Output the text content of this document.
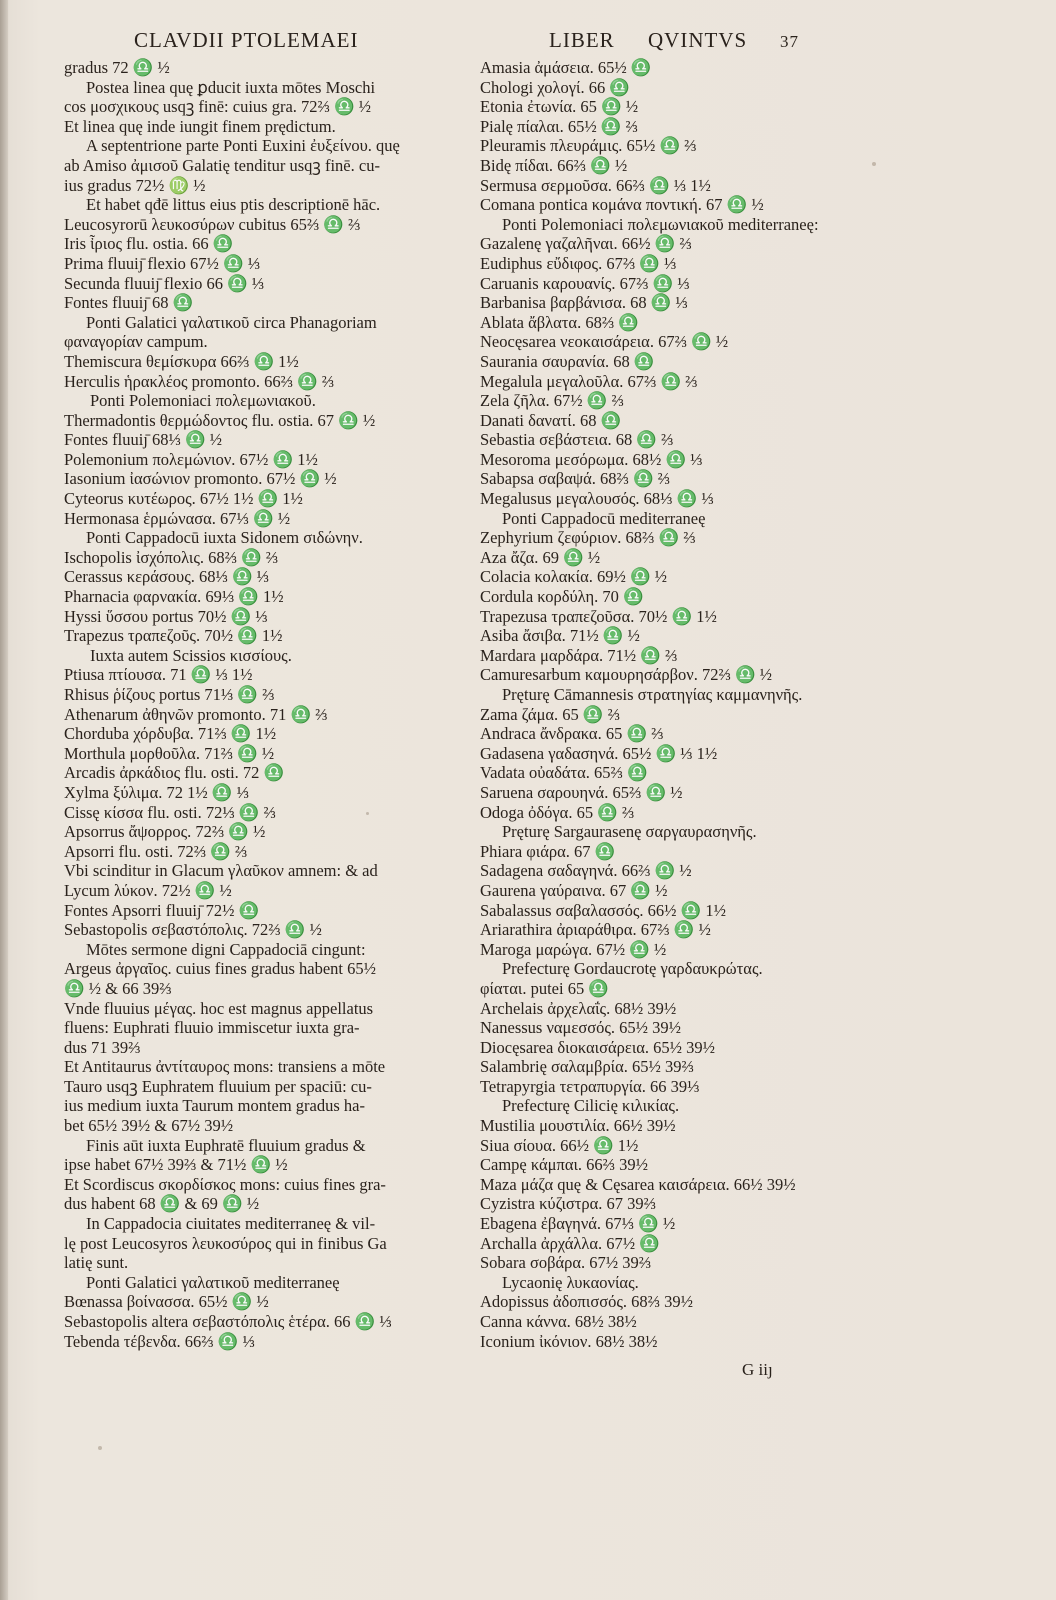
CLAVDII PTOLEMAEI	LIBER QVINTVS 37
gradus 72 ♎ ½
Postea linea quę ꝑducit iuxta mōtes Moschi
cos μοσχικους usqꝫ finē: cuius gra. 72⅔ ♎ ½
Et linea quę inde iungit finem prędictum.
A septentrione parte Ponti Euxini ἐυξείνου. quę
ab Amiso ἀμισοῦ Galatię tenditur usqꝫ finē. cu-
ius gradus 72½ ♍ ½
Et habet qđē littus eius ptis descriptionē hāc.
Leucosyrorū λευκοσύρων cubitus 65⅔ ♎ ⅔
Iris ἶριος flu. ostia. 66 ♎
Prima fluuiȷ̄ flexio 67½ ♎ ⅓
Secunda fluuiȷ̄ flexio 66 ♎ ⅓
Fontes fluuiȷ̄ 68 ♎
Ponti Galatici γαλατικοῦ circa Phanagoriam
φαναγορίαν campum.
Themiscura θεμίσκυρα 66⅔ ♎ 1½
Herculis ἡρακλέος promonto. 66⅔ ♎ ⅔
Ponti Polemoniaci πολεμωνιακοῦ.
Thermadontis θερμώδοντος flu. ostia. 67 ♎ ½
Fontes fluuiȷ̄ 68⅓ ♎ ½
Polemonium πολεμώνιον. 67½ ♎ 1½
Iasonium ἰασώνιον promonto. 67½ ♎ ½
Cyteorus κυτέωρος. 67½ 1½ ♎ 1½
Hermonasa ἑρμώνασα. 67⅓ ♎ ½
Ponti Cappadocū iuxta Sidonem σιδώνην.
Ischopolis ἰσχόπολις. 68⅔ ♎ ⅔
Cerassus κεράσους. 68⅓ ♎ ⅓
Pharnacia φαρνακία. 69⅓ ♎ 1½
Hyssi ὕσσου portus 70½ ♎ ⅓
Trapezus τραπεζοῦς. 70½ ♎ 1½
Iuxta autem Scissios κισσίους.
Ptiusa πτίουσα. 71 ♎ ⅓ 1½
Rhisus ῥίζους portus 71⅓ ♎ ⅔
Athenarum ἀθηνῶν promonto. 71 ♎ ⅔
Chorduba χόρδυβα. 71⅔ ♎ 1½
Morthula μορθοῦλα. 71⅔ ♎ ½
Arcadis ἀρκάδιος flu. osti. 72 ♎
Xylma ξύλιμα. 72 1½ ♎ ⅓
Cissę κίσσα flu. osti. 72⅓ ♎ ⅔
Apsorrus ἄψορρος. 72⅔ ♎ ½
Apsorri flu. osti. 72⅔ ♎ ⅔
Vbi scinditur in Glacum γλαῦκον amnem: & ad
Lycum λύκον. 72½ ♎ ½
Fontes Apsorri fluuiȷ̄ 72½ ♎
Sebastopolis σεβαστόπολις. 72⅔ ♎ ½
Mōtes sermone digni Cappadociā cingunt:
Argeus ἀργαῖος. cuius fines gradus habent 65½
♎ ½ & 66 39⅔
Vnde fluuius μέγας. hoc est magnus appellatus
fluens: Euphrati fluuio immiscetur iuxta gra-
dus 71 39⅔
Et Antitaurus ἀντίταυρος mons: transiens a mōte
Tauro usqꝫ Euphratem fluuium per spaciū: cu-
ius medium iuxta Taurum montem gradus ha-
bet 65½ 39½ & 67½ 39½
Finis aūt iuxta Euphratē fluuium gradus &
ipse habet 67½ 39⅔ & 71½ ♎ ½
Et Scordiscus σκορδίσκος mons: cuius fines gra-
dus habent 68 ♎ & 69 ♎ ½
In Cappadocia ciuitates mediterraneę & vil-
lę post Leucosyros λευκοσύρος qui in finibus Ga
latię sunt.
Ponti Galatici γαλατικοῦ mediterraneę
Bœnassa βοίνασσα. 65½ ♎ ½
Sebastopolis altera σεβαστόπολις ἑτέρα. 66 ♎ ⅓
Tebenda τέβενδα. 66⅔ ♎ ⅓
Amasia ἀμάσεια. 65½ ♎
Chologi χολογί. 66 ♎
Etonia ἐτωνία. 65 ♎ ½
Pialę πίαλαι. 65½ ♎ ⅔
Pleuramis πλευράμις. 65½ ♎ ⅔
Bidę πίδαι. 66⅔ ♎ ½
Sermusa σερμοῦσα. 66⅔ ♎ ⅓ 1½
Comana pontica κομάνα ποντική. 67 ♎ ½
Ponti Polemoniaci πολεμωνιακοῦ mediterraneę:
Gazalenę γαζαλῆναι. 66½ ♎ ⅔
Eudiphus εὔδιφος. 67⅔ ♎ ⅓
Caruanis καρουανίς. 67⅔ ♎ ⅓
Barbanisa βαρβάνισα. 68 ♎ ⅓
Ablata ἄβλατα. 68⅔ ♎
Neocęsarea νεοκαισάρεια. 67⅔ ♎ ½
Saurania σαυρανία. 68 ♎
Megalula μεγαλοῦλα. 67⅔ ♎ ⅔
Zela ζῆλα. 67½ ♎ ⅔
Danati δανατί. 68 ♎
Sebastia σεβάστεια. 68 ♎ ⅔
Mesoroma μεσόρωμα. 68½ ♎ ⅓
Sabapsa σαβαψά. 68⅔ ♎ ⅔
Megalusus μεγαλουσός. 68⅓ ♎ ⅓
Ponti Cappadocū mediterraneę
Zephyrium ζεφύριον. 68⅔ ♎ ⅔
Aza ἄζα. 69 ♎ ½
Colacia κολακία. 69½ ♎ ½
Cordula κορδύλη. 70 ♎
Trapezusa τραπεζοῦσα. 70½ ♎ 1½
Asiba ἄσιβα. 71½ ♎ ½
Mardara μαρδάρα. 71½ ♎ ⅔
Camuresarbum καμουρησάρβον. 72⅔ ♎ ½
Pręturę Cāmannesis στρατηγίας καμμανηνῆς.
Zama ζάμα. 65 ♎ ⅔
Andraca ἄνδρακα. 65 ♎ ⅔
Gadasena γαδασηνά. 65½ ♎ ⅓ 1½
Vadata οὐαδάτα. 65⅔ ♎
Saruena σαρουηνά. 65⅔ ♎ ½
Odoga ὀδόγα. 65 ♎ ⅔
Pręturę Sargaurasenę σαργαυρασηνῆς.
Phiara φιάρα. 67 ♎
Sadagena σαδαγηνά. 66⅔ ♎ ½
Gaurena γαύραινα. 67 ♎ ½
Sabalassus σαβαλασσός. 66½ ♎ 1½
Ariarathira ἀριαράθιρα. 67⅔ ♎ ½
Maroga μαρώγα. 67½ ♎ ½
Prefecturę Gordaucrotę γαρδαυκρώτας.
φίαται. putei 65 ♎
Archelais ἀρχελαΐς. 68½ 39½
Nanessus ναμεσσός. 65½ 39½
Diocęsarea διοκαισάρεια. 65½ 39½
Salambrię σαλαμβρία. 65½ 39⅔
Tetrapyrgia τετραπυργία. 66 39⅓
Prefecturę Cilicię κιλικίας.
Mustilia μουστιλία. 66½ 39½
Siua σίουα. 66½ ♎ 1½
Campę κάμπαι. 66⅔ 39½
Maza μάζα quę & Cęsarea καισάρεια. 66½ 39½
Cyzistra κύζιστρα. 67 39⅔
Ebagena ἐβαγηνά. 67⅓ ♎ ½
Archalla ἀρχάλλα. 67½ ♎
Sobara σοβάρα. 67½ 39⅔
Lycaonię λυκαονίας.
Adopissus ἀδοπισσός. 68⅔ 39½
Canna κάννα. 68½ 38½
Iconium ἰκόνιον. 68½ 38½
G iiȷ
